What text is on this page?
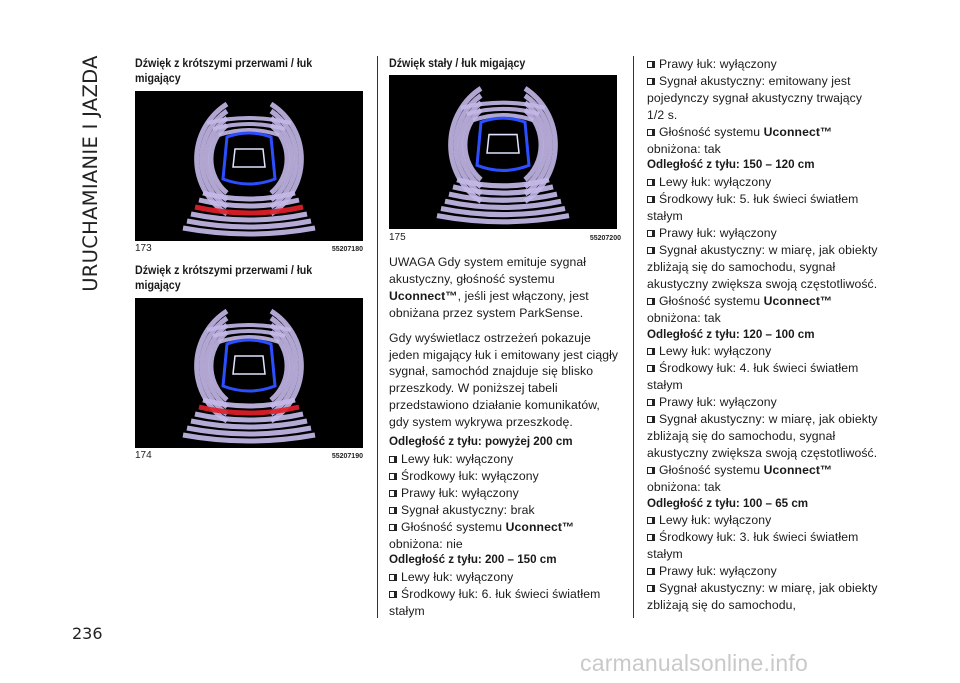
URUCHAMIANIE I JAZDA	Dźwięk z krótszymi przerwami / łuk migający

173	55207180

Dźwięk z krótszymi przerwami / łuk migający

174	55207190

Dźwięk stały / łuk migający

175	55207200

UWAGA Gdy system emituje sygnał akustyczny, głośność systemu Uconnect™, jeśli jest włączony, jest obniżana przez system ParkSense.

Gdy wyświetlacz ostrzeżeń pokazuje jeden migający łuk i emitowany jest ciągły sygnał, samochód znajduje się blisko przeszkody. W poniższej tabeli przedstawiono działanie komunikatów, gdy system wykrywa przeszkodę.

Odległość z tyłu: powyżej 200 cm

Lewy łuk: wyłączony

Środkowy łuk: wyłączony

Prawy łuk: wyłączony

Sygnał akustyczny: brak

Głośność systemu Uconnect™
obniżona: nie

Odległość z tyłu: 200 – 150 cm

Lewy łuk: wyłączony

Środkowy łuk: 6. łuk świeci światłem stałym

Prawy łuk: wyłączony

Sygnał akustyczny: emitowany jest pojedynczy sygnał akustyczny trwający 1/2 s.

Głośność systemu Uconnect™
obniżona: tak

Odległość z tyłu: 150 – 120 cm

Lewy łuk: wyłączony

Środkowy łuk: 5. łuk świeci światłem stałym

Prawy łuk: wyłączony

Sygnał akustyczny: w miarę, jak obiekty zbliżają się do samochodu, sygnał akustyczny zwiększa swoją częstotliwość.

Głośność systemu Uconnect™
obniżona: tak

Odległość z tyłu: 120 – 100 cm

Lewy łuk: wyłączony

Środkowy łuk: 4. łuk świeci światłem stałym

Prawy łuk: wyłączony

Sygnał akustyczny: w miarę, jak obiekty zbliżają się do samochodu, sygnał akustyczny zwiększa swoją częstotliwość.

Głośność systemu Uconnect™
obniżona: tak

Odległość z tyłu: 100 – 65 cm

Lewy łuk: wyłączony

Środkowy łuk: 3. łuk świeci światłem stałym

Prawy łuk: wyłączony

Sygnał akustyczny: w miarę, jak obiekty zbliżają się do samochodu,

236
carmanualsonline.info
